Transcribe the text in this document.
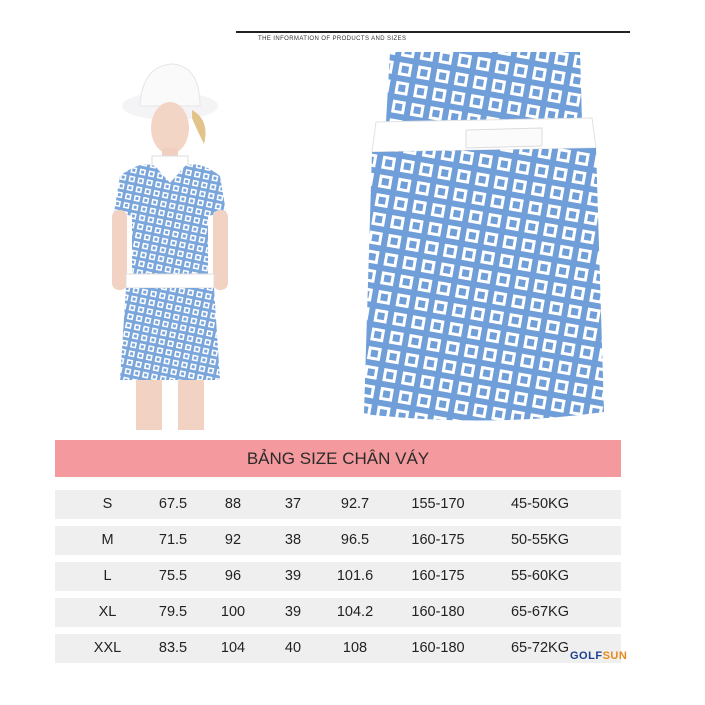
THE INFORMATION OF PRODUCTS AND SIZES
BẢNG SIZE CHÂN VÁY
S	67.5	88	37	92.7	155-170	45-50KG
M	71.5	92	38	96.5	160-175	50-55KG
L	75.5	96	39	101.6	160-175	55-60KG
XL	79.5	100	39	104.2	160-180	65-67KG
XXL	83.5	104	40	108	160-180	65-72KG GOLFSUN
